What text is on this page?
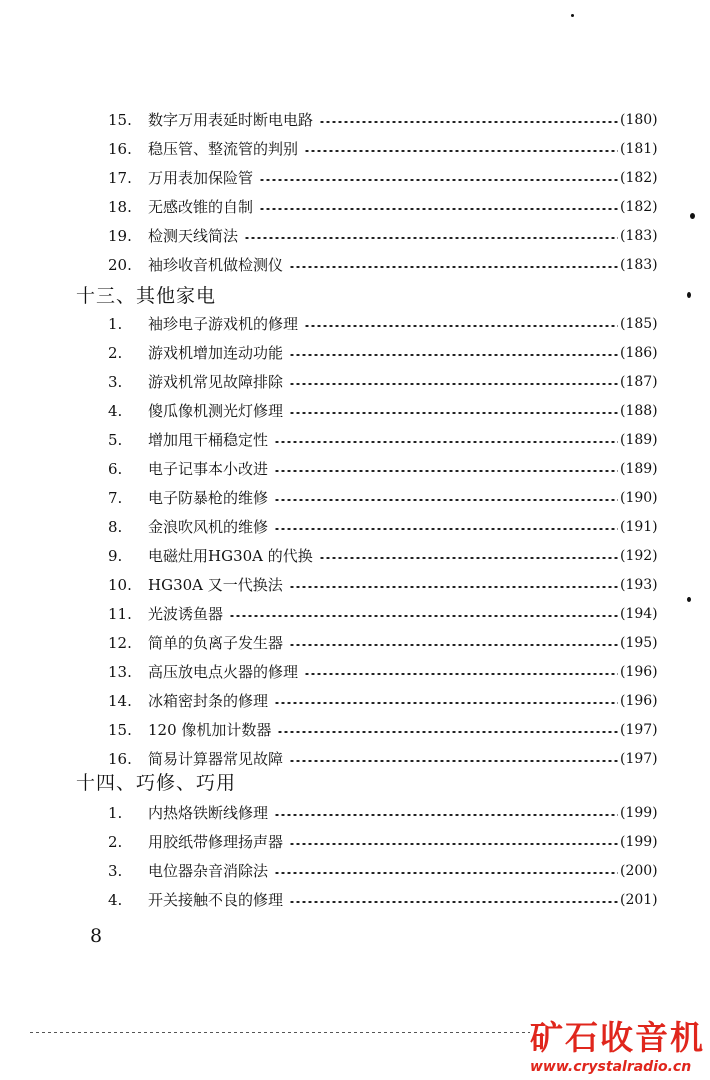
15.	数字万用表延时断电电路	(180)
16.	稳压管、整流管的判别	(181)
17.	万用表加保险管	(182)
18.	无感改锥的自制	(182)
19.	检测天线简法	(183)
20.	袖珍收音机做检测仪	(183)
十三、其他家电
1.	袖珍电子游戏机的修理	(185)
2.	游戏机增加连动功能	(186)
3.	游戏机常见故障排除	(187)
4.	傻瓜像机测光灯修理	(188)
5.	增加甩干桶稳定性	(189)
6.	电子记事本小改进	(189)
7.	电子防暴枪的维修	(190)
8.	金浪吹风机的维修	(191)
9.	电磁灶用HG30A 的代换	(192)
10.	HG30A 又一代换法	(193)
11.	光波诱鱼器	(194)
12.	简单的负离子发生器	(195)
13.	高压放电点火器的修理	(196)
14.	冰箱密封条的修理	(196)
15.	120 像机加计数器	(197)
16.	简易计算器常见故障	(197)
十四、巧修、巧用
1.	内热烙铁断线修理	(199)
2.	用胶纸带修理扬声器	(199)
3.	电位器杂音消除法	(200)
4.	开关接触不良的修理	(201)
8
矿石收音机
www.crystalradio.cn
